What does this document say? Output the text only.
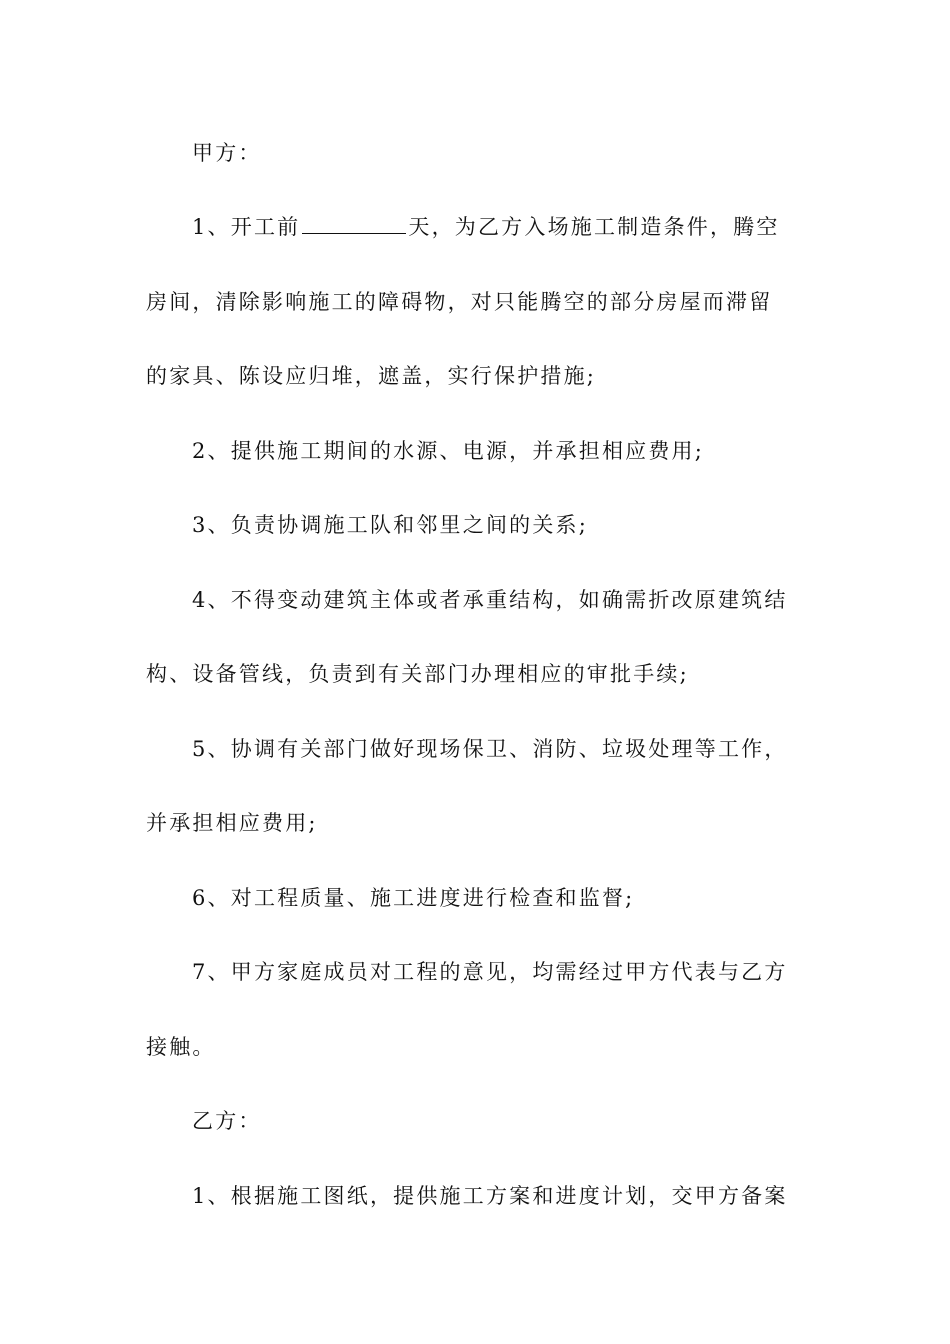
甲方：
1、开工前	天，为乙方入场施工制造条件，腾空
房间，清除影响施工的障碍物，对只能腾空的部分房屋而滞留
的家具、陈设应归堆，遮盖，实行保护措施;
2、提供施工期间的水源、电源，并承担相应费用;
3、负责协调施工队和邻里之间的关系;
4、不得变动建筑主体或者承重结构，如确需折改原建筑结
构、设备管线，负责到有关部门办理相应的审批手续;
5、协调有关部门做好现场保卫、消防、垃圾处理等工作，
并承担相应费用;
6、对工程质量、施工进度进行检查和监督;
7、甲方家庭成员对工程的意见，均需经过甲方代表与乙方
接触。
乙方：
1、根据施工图纸，提供施工方案和进度计划，交甲方备案
